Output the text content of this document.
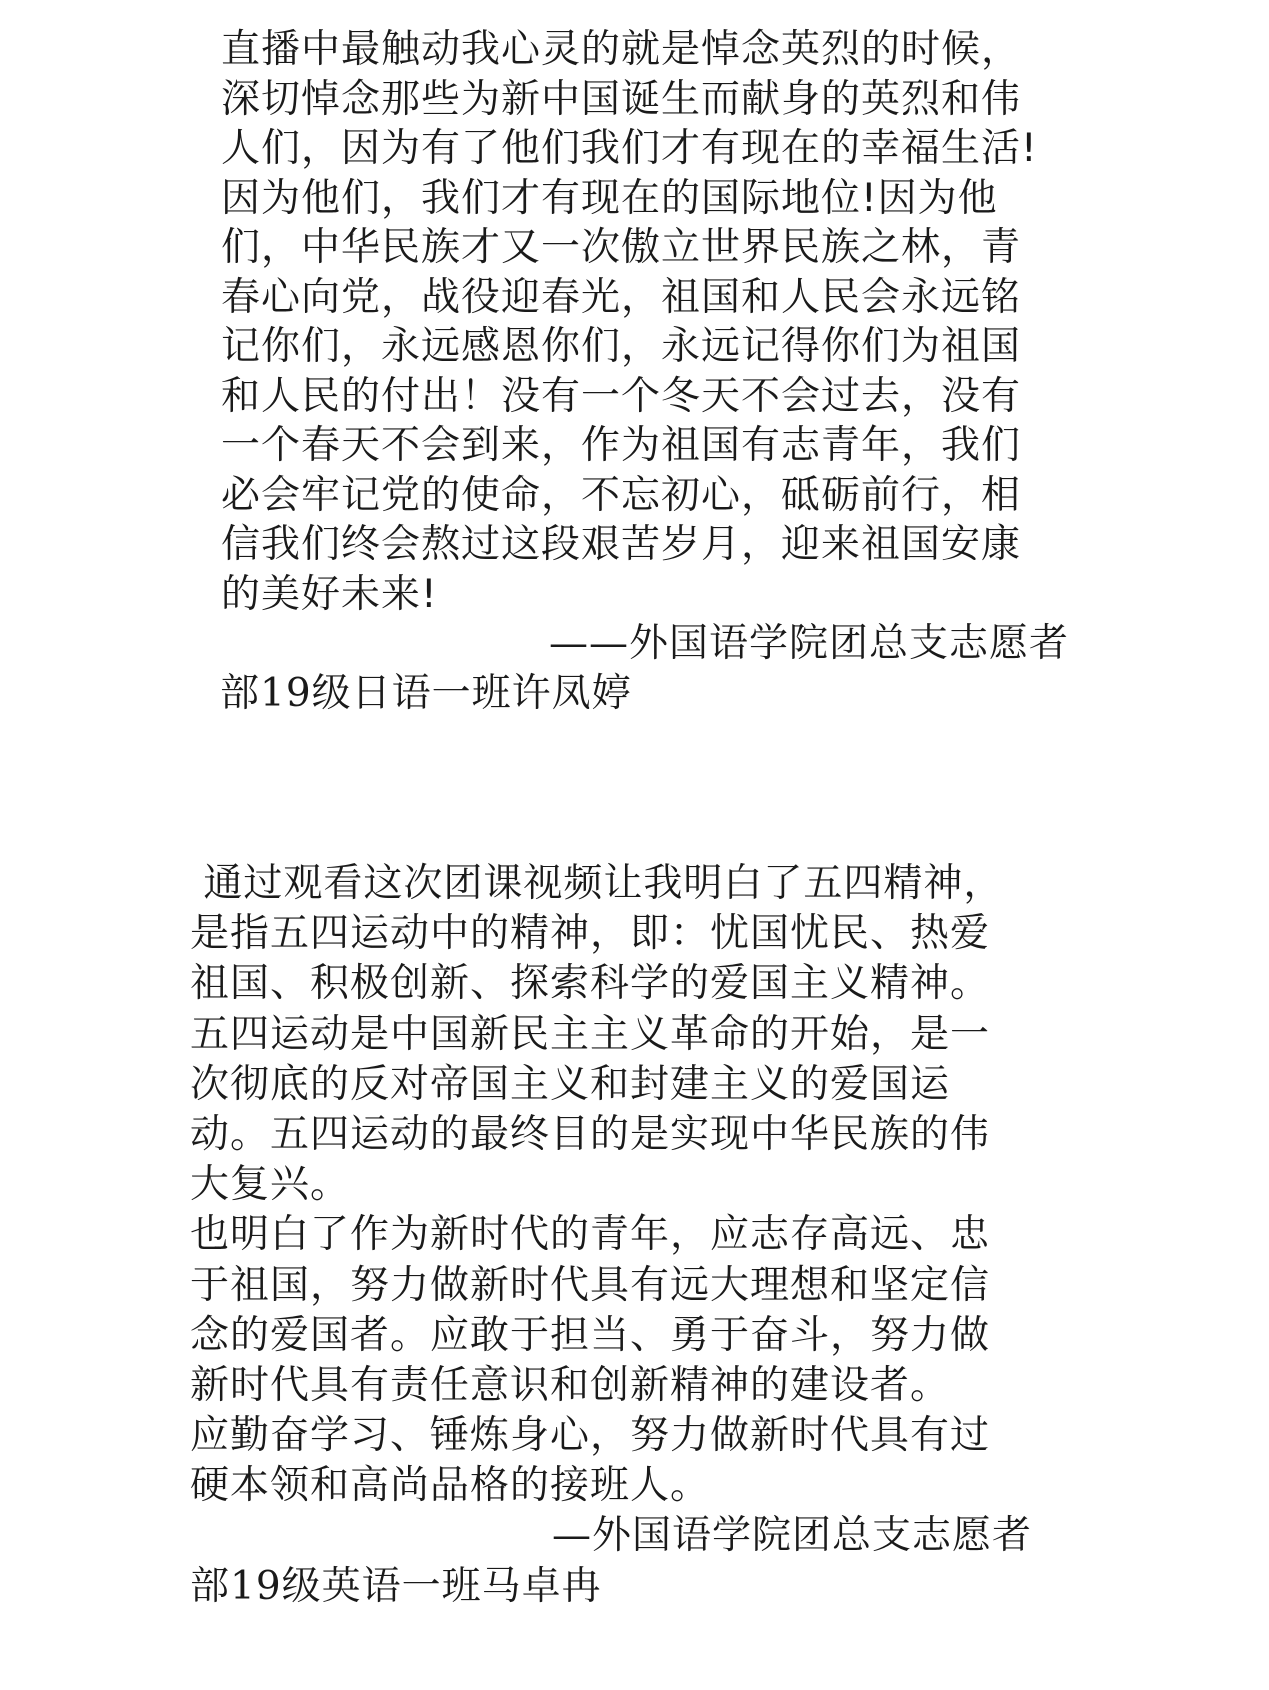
直播中最触动我心灵的就是悼念英烈的时候，
深切悼念那些为新中国诞生而献身的英烈和伟
人们，因为有了他们我们才有现在的幸福生活!
因为他们，我们才有现在的国际地位!因为他
们，中华民族才又一次傲立世界民族之林，青
春心向党，战役迎春光，祖国和人民会永远铭
记你们，永远感恩你们，永远记得你们为祖国
和人民的付出！没有一个冬天不会过去，没有
一个春天不会到来，作为祖国有志青年，我们
必会牢记党的使命，不忘初心，砥砺前行，相
信我们终会熬过这段艰苦岁月，迎来祖国安康
的美好未来!
——外国语学院团总支志愿者
部19级日语一班许凤婷
通过观看这次团课视频让我明白了五四精神，
是指五四运动中的精神，即：忧国忧民、热爱
祖国、积极创新、探索科学的爱国主义精神。
五四运动是中国新民主主义革命的开始，是一
次彻底的反对帝国主义和封建主义的爱国运
动。五四运动的最终目的是实现中华民族的伟
大复兴。
也明白了作为新时代的青年，应志存高远、忠
于祖国，努力做新时代具有远大理想和坚定信
念的爱国者。应敢于担当、勇于奋斗，努力做
新时代具有责任意识和创新精神的建设者。
应勤奋学习、锤炼身心，努力做新时代具有过
硬本领和高尚品格的接班人。
—外国语学院团总支志愿者
部19级英语一班马卓冉
